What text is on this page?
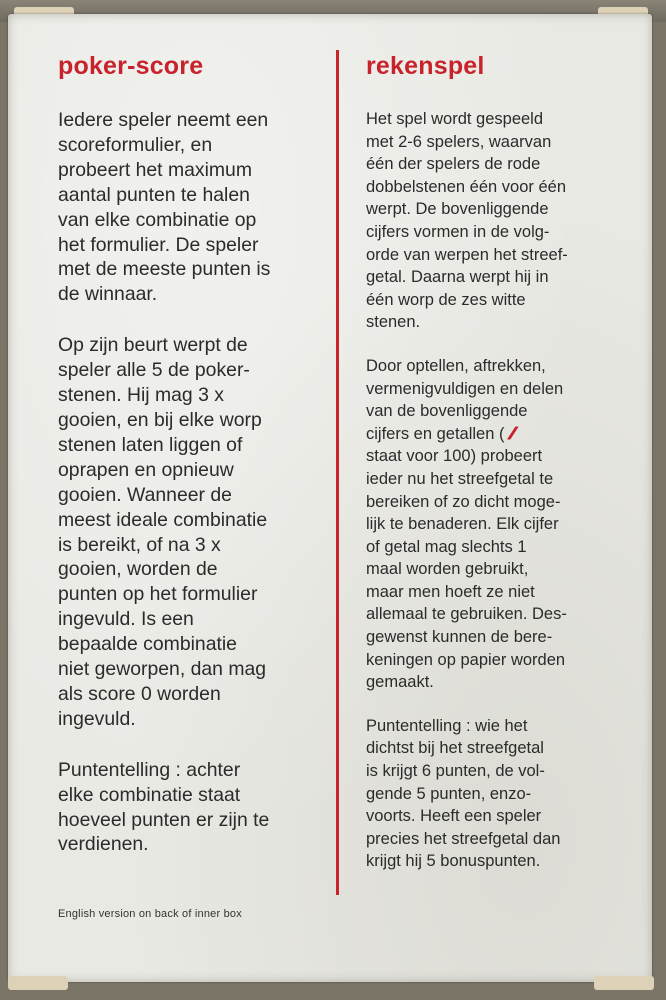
poker-score	rekenspel

Iedere speler neemt een

scoreformulier, en

probeert het maximum

aantal punten te halen

van elke combinatie op

het formulier. De speler

met de meeste punten is

de winnaar.

Op zijn beurt werpt de

speler alle 5 de poker-

stenen. Hij mag 3 x

gooien, en bij elke worp

stenen laten liggen of

oprapen en opnieuw

gooien. Wanneer de

meest ideale combinatie

is bereikt, of na 3 x

gooien, worden de

punten op het formulier

ingevuld. Is een

bepaalde combinatie

niet geworpen, dan mag

als score 0 worden

ingevuld.

Puntentelling : achter

elke combinatie staat

hoeveel punten er zijn te

verdienen.

Het spel wordt gespeeld

met 2-6 spelers, waarvan

één der spelers de rode

dobbelstenen één voor één

werpt. De bovenliggende

cijfers vormen in de volg-

orde van werpen het streef-

getal. Daarna werpt hij in

één worp de zes witte

stenen.

Door optellen, aftrekken,

vermenigvuldigen en delen

van de bovenliggende

cijfers en getallen ( ///

staat voor 100) probeert

ieder nu het streefgetal te

bereiken of zo dicht moge-

lijk te benaderen. Elk cijfer

of getal mag slechts 1

maal worden gebruikt,

maar men hoeft ze niet

allemaal te gebruiken. Des-

gewenst kunnen de bere-

keningen op papier worden

gemaakt.

Puntentelling : wie het

dichtst bij het streefgetal

is krijgt 6 punten, de vol-

gende 5 punten, enzo-

voorts. Heeft een speler

precies het streefgetal dan

krijgt hij 5 bonuspunten.

English version on back of inner box
